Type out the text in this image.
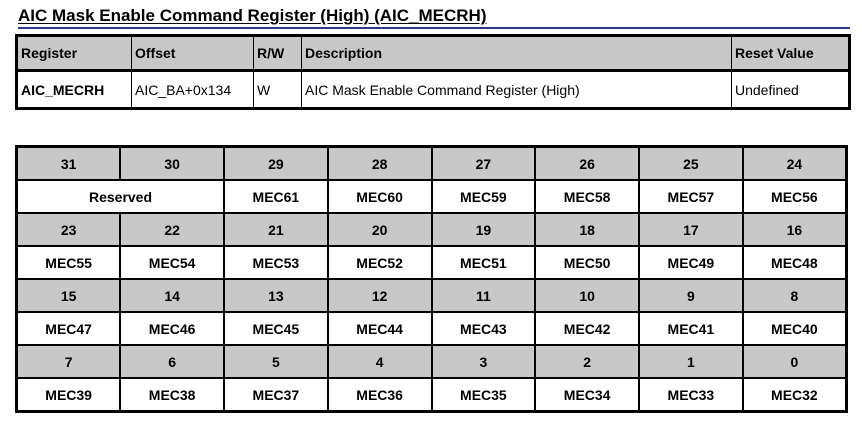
AIC Mask Enable Command Register (High) (AIC_MECRH)
Register	Offset	R/W	Description	Reset Value
AIC_MECRH	AIC_BA+0x134	W	AIC Mask Enable Command Register (High)	Undefined
31	30	29	28	27	26	25	24
Reserved		MEC61	MEC60	MEC59	MEC58	MEC57	MEC56
23	22	21	20	19	18	17	16
MEC55	MEC54	MEC53	MEC52	MEC51	MEC50	MEC49	MEC48
15	14	13	12	11	10	9	8
MEC47	MEC46	MEC45	MEC44	MEC43	MEC42	MEC41	MEC40
7	6	5	4	3	2	1	0
MEC39	MEC38	MEC37	MEC36	MEC35	MEC34	MEC33	MEC32
